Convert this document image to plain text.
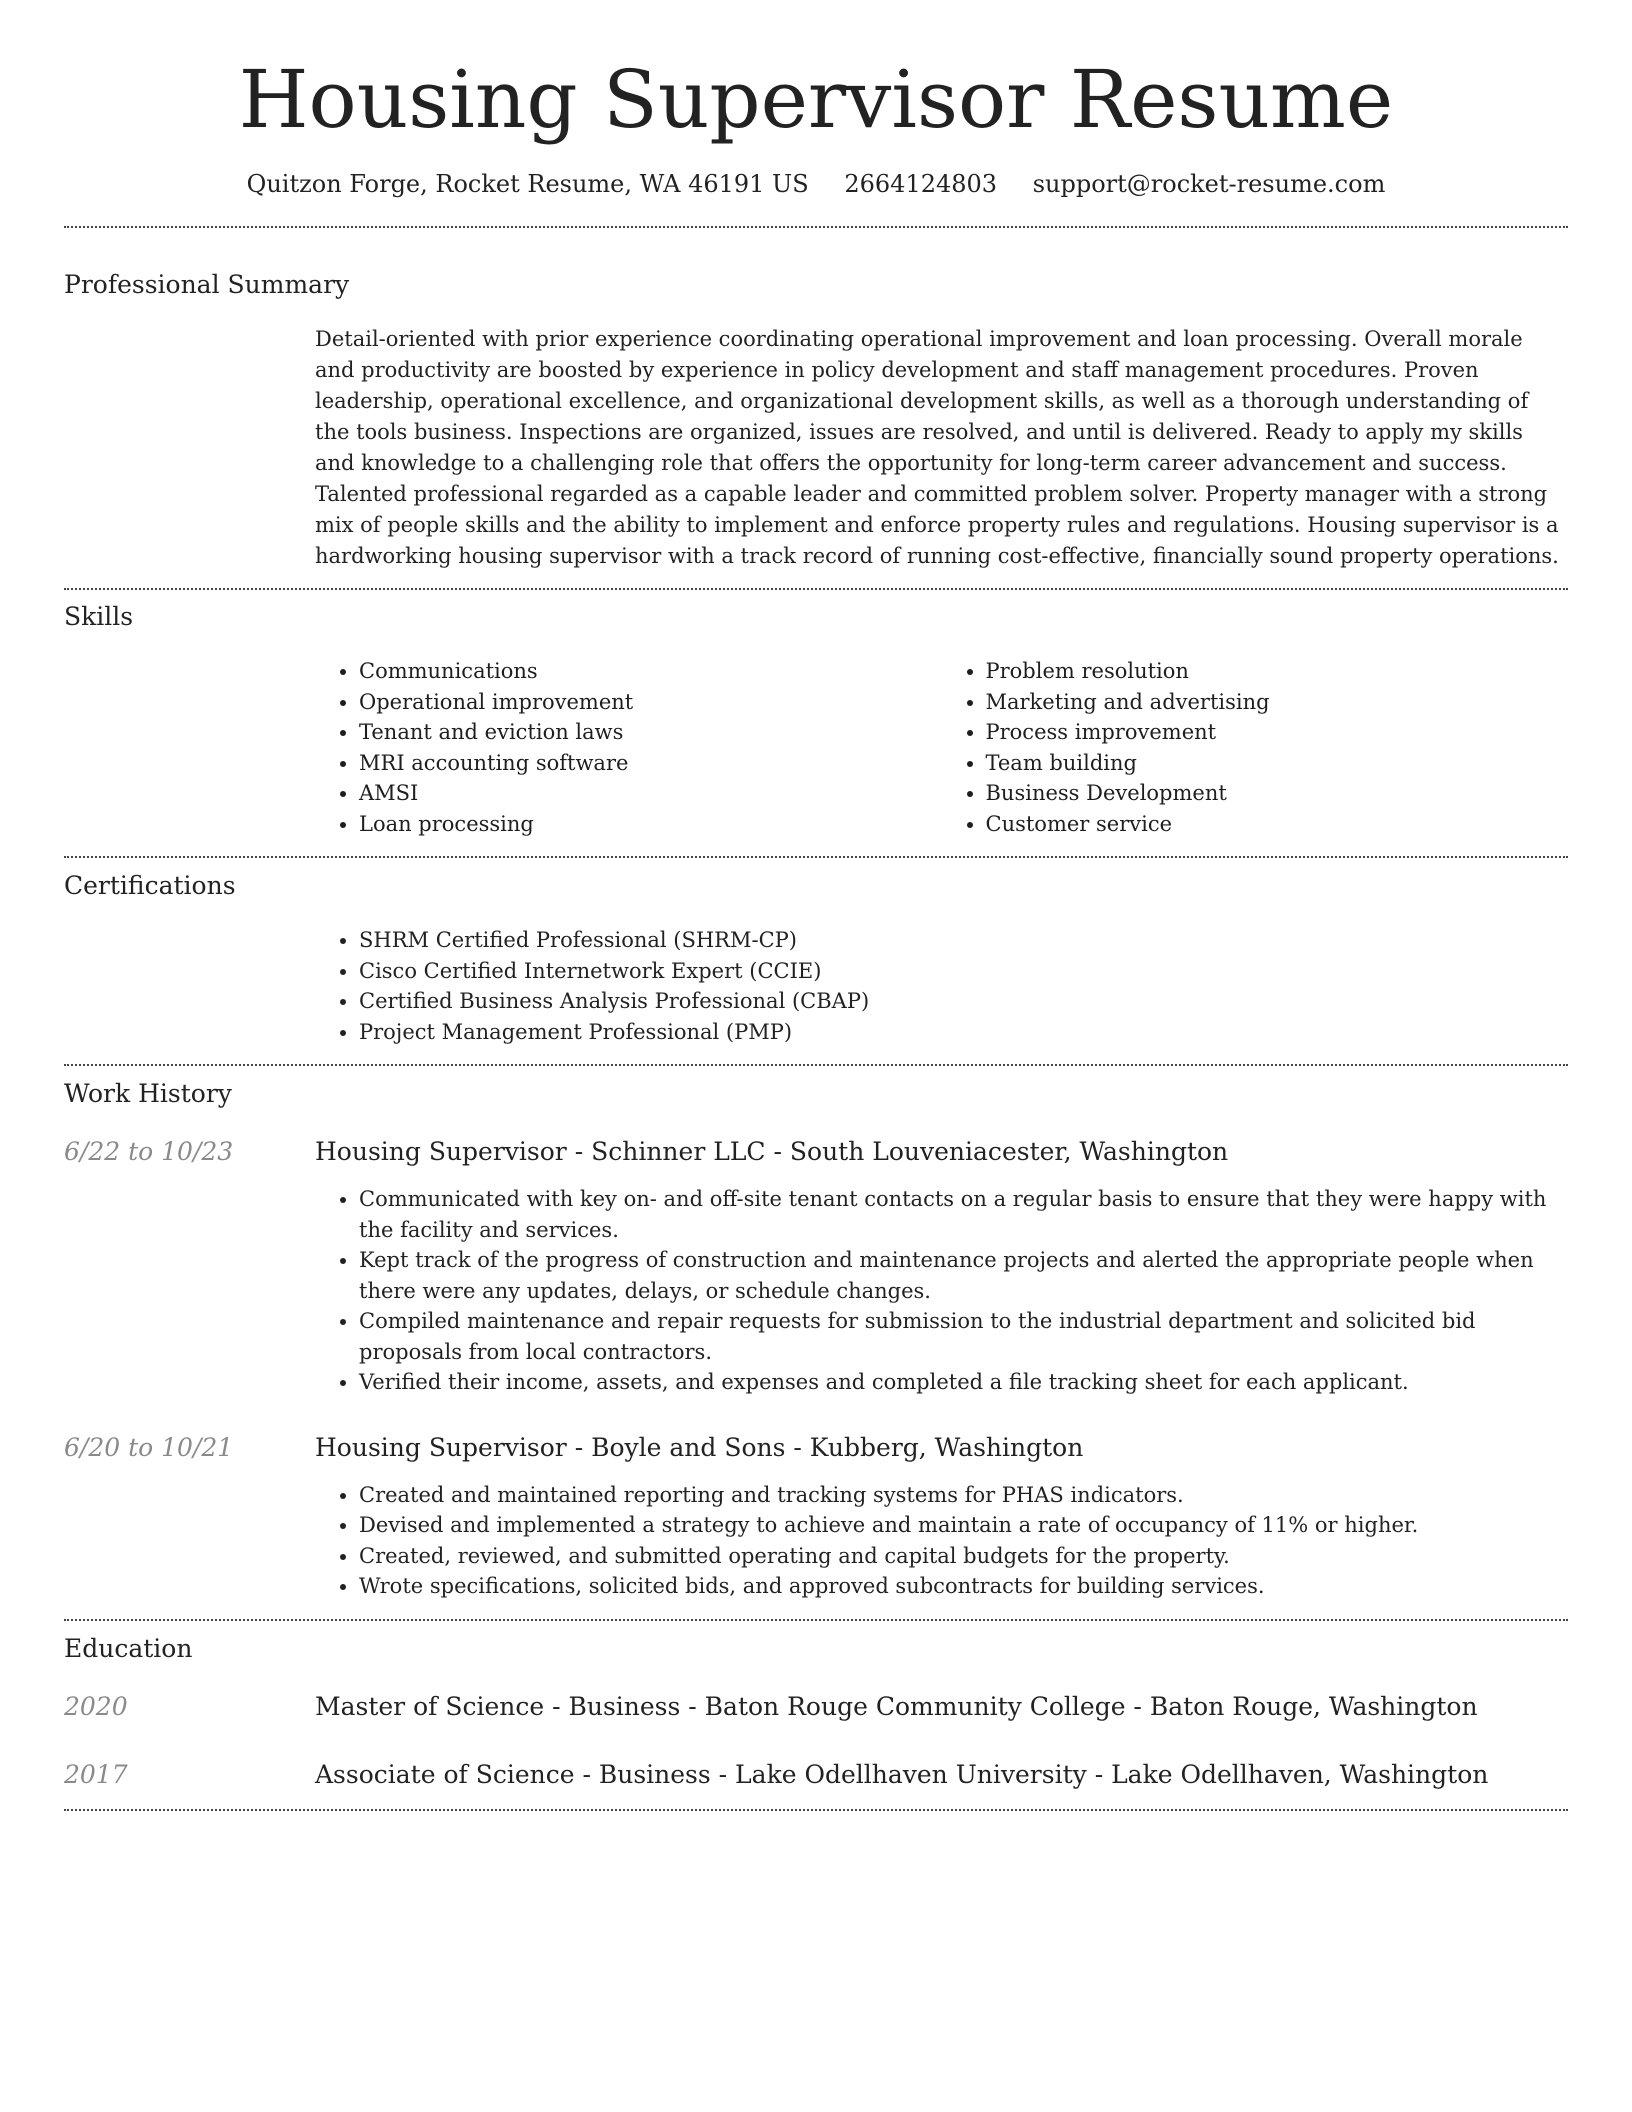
Housing Supervisor Resume
Quitzon Forge, Rocket Resume, WA 46191 US 2664124803 support@rocket-resume.com
Professional Summary

Detail-oriented with prior experience coordinating operational improvement and loan processing. Overall morale and productivity are boosted by experience in policy development and staff management procedures. Proven leadership, operational excellence, and organizational development skills, as well as a thorough understanding of the tools business. Inspections are organized, issues are resolved, and until is delivered. Ready to apply my skills and knowledge to a challenging role that offers the opportunity for long-term career advancement and success. Talented professional regarded as a capable leader and committed problem solver. Property manager with a strong mix of people skills and the ability to implement and enforce property rules and regulations. Housing supervisor is a hardworking housing supervisor with a track record of running cost-effective, financially sound property operations.

Skills
• Communications
• Operational improvement
• Tenant and eviction laws
• MRI accounting software
• AMSI
• Loan processing
• Problem resolution
• Marketing and advertising
• Process improvement
• Team building
• Business Development
• Customer service
Certifications
• SHRM Certified Professional (SHRM-CP)
• Cisco Certified Internetwork Expert (CCIE)
• Certified Business Analysis Professional (CBAP)
• Project Management Professional (PMP)
Work History
6/22 to 10/23	Housing Supervisor - Schinner LLC - South Louveniacester, Washington
• Communicated with key on- and off-site tenant contacts on a regular basis to ensure that they were happy with the facility and services.
• Kept track of the progress of construction and maintenance projects and alerted the appropriate people when there were any updates, delays, or schedule changes.
• Compiled maintenance and repair requests for submission to the industrial department and solicited bid proposals from local contractors.
• Verified their income, assets, and expenses and completed a file tracking sheet for each applicant.
6/20 to 10/21	Housing Supervisor - Boyle and Sons - Kubberg, Washington
• Created and maintained reporting and tracking systems for PHAS indicators.
• Devised and implemented a strategy to achieve and maintain a rate of occupancy of 11% or higher.
• Created, reviewed, and submitted operating and capital budgets for the property.
• Wrote specifications, solicited bids, and approved subcontracts for building services.
Education
2020	Master of Science - Business - Baton Rouge Community College - Baton Rouge, Washington
2017	Associate of Science - Business - Lake Odellhaven University - Lake Odellhaven, Washington
